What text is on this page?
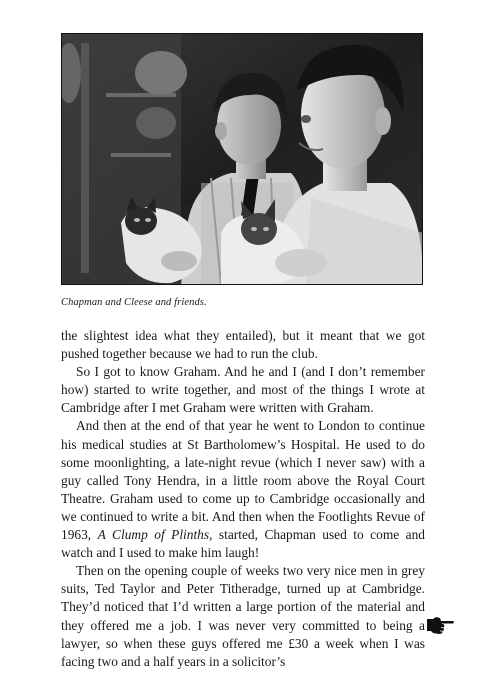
Chapman and Cleese and friends.

the slightest idea what they entailed), but it meant that we got pushed together because we had to run the club.

So I got to know Graham. And he and I (and I don’t remember how) started to write together, and most of the things I wrote at Cambridge after I met Graham were written with Graham.

And then at the end of that year he went to London to continue his medical studies at St Bartholomew’s Hospital. He used to do some moonlighting, a late-night revue (which I never saw) with a guy called Tony Hendra, in a little room above the Royal Court Theatre. Graham used to come up to Cambridge occasionally and we continued to write a bit. And then when the Footlights Revue of 1963, A Clump of Plinths, started, Chapman used to come and watch and I used to make him laugh!

Then on the opening couple of weeks two very nice men in grey suits, Ted Taylor and Peter Titheradge, turned up at Cambridge. They’d noticed that I’d written a large portion of the material and they offered me a job. I was never very committed to being a lawyer, so when these guys offered me £30 a week when I was facing two and a half years in a solicitor’s
